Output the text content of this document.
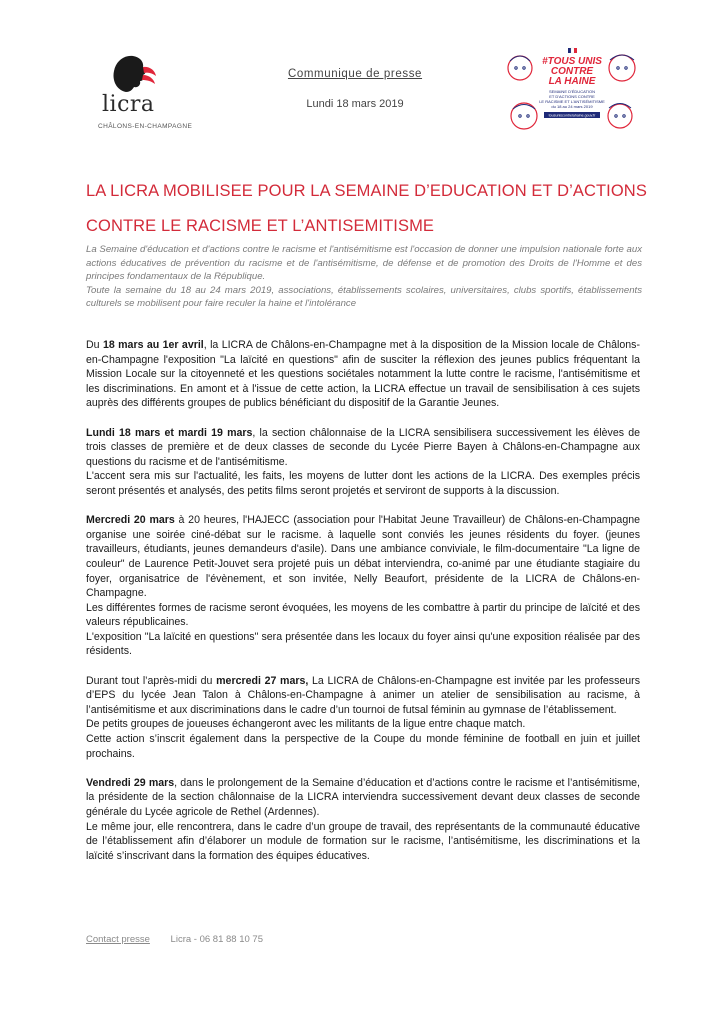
licra
CHÂLONS-EN-CHAMPAGNE
Communique de presse
Lundi 18 mars 2019
#TOUS UNIS
CONTRE
LA HAINE
SEMAINE D'ÉDUCATION
ET D'ACTIONS CONTRE
LE RACISME ET L'ANTISÉMITISME
du 18 au 24 mars 2019
tousuniscontrelahaine.gouv.fr
LA LICRA MOBILISEE POUR LA SEMAINE D’EDUCATION ET D’ACTIONS
CONTRE LE RACISME ET L’ANTISEMITISME

La Semaine d'éducation et d'actions contre le racisme et l'antisémitisme est l'occasion de donner une impulsion nationale forte aux actions éducatives de prévention du racisme et de l'antisémitisme, de défense et de promotion des Droits de l'Homme et des principes fondamentaux de la République.

Toute la semaine du 18 au 24 mars 2019, associations, établissements scolaires, universitaires, clubs sportifs, établissements culturels se mobilisent pour faire reculer la haine et l'intolérance

Du 18 mars au 1er avril, la LICRA de Châlons-en-Champagne met à la disposition de la Mission locale de Châlons-en-Champagne l'exposition "La laïcité en questions" afin de susciter la réflexion des jeunes publics fréquentant la Mission Locale sur la citoyenneté et les questions sociétales notamment la lutte contre le racisme, l'antisémitisme et les discriminations. En amont et à l'issue de cette action, la LICRA effectue un travail de sensibilisation à ces sujets auprès des différents groupes de publics bénéficiant du dispositif de la Garantie Jeunes.

Lundi 18 mars et mardi 19 mars, la section châlonnaise de la LICRA sensibilisera successivement les élèves de trois classes de première et de deux classes de seconde du Lycée Pierre Bayen à Châlons-en-Champagne aux questions du racisme et de l'antisémitisme.

L'accent sera mis sur l'actualité, les faits, les moyens de lutter dont les actions de la LICRA. Des exemples précis seront présentés et analysés, des petits films seront projetés et serviront de supports à la discussion.

Mercredi 20 mars à 20 heures, l'HAJECC (association pour l'Habitat Jeune Travailleur) de Châlons-en-Champagne organise une soirée ciné-débat sur le racisme. à laquelle sont conviés les jeunes résidents du foyer. (jeunes travailleurs, étudiants, jeunes demandeurs d'asile). Dans une ambiance conviviale, le film-documentaire "La ligne de couleur" de Laurence Petit-Jouvet sera projeté puis un débat interviendra, co-animé par une étudiante stagiaire du foyer, organisatrice de l'évènement, et son invitée, Nelly Beaufort, présidente de la LICRA de Châlons-en-Champagne.

Les différentes formes de racisme seront évoquées, les moyens de les combattre à partir du principe de laïcité et des valeurs républicaines.

L'exposition "La laïcité en questions" sera présentée dans les locaux du foyer ainsi qu'une exposition réalisée par des résidents.

Durant tout l’après-midi du mercredi 27 mars, La LICRA de Châlons-en-Champagne est invitée par les professeurs d’EPS du lycée Jean Talon à Châlons-en-Champagne à animer un atelier de sensibilisation au racisme, à l’antisémitisme et aux discriminations dans le cadre d’un tournoi de futsal féminin au gymnase de l’établissement.

De petits groupes de joueuses échangeront avec les militants de la ligue entre chaque match.

Cette action s’inscrit également dans la perspective de la Coupe du monde féminine de football en juin et juillet prochains.

Vendredi 29 mars, dans le prolongement de la Semaine d’éducation et d’actions contre le racisme et l’antisémitisme, la présidente de la section châlonnaise de la LICRA interviendra successivement devant deux classes de seconde générale du Lycée agricole de Rethel (Ardennes).

Le même jour, elle rencontrera, dans le cadre d’un groupe de travail, des représentants de la communauté éducative de l’établissement afin d’élaborer un module de formation sur le racisme, l’antisémitisme, les discriminations et la laïcité s’inscrivant dans la formation des équipes éducatives.

Contact presse Licra - 06 81 88 10 75
